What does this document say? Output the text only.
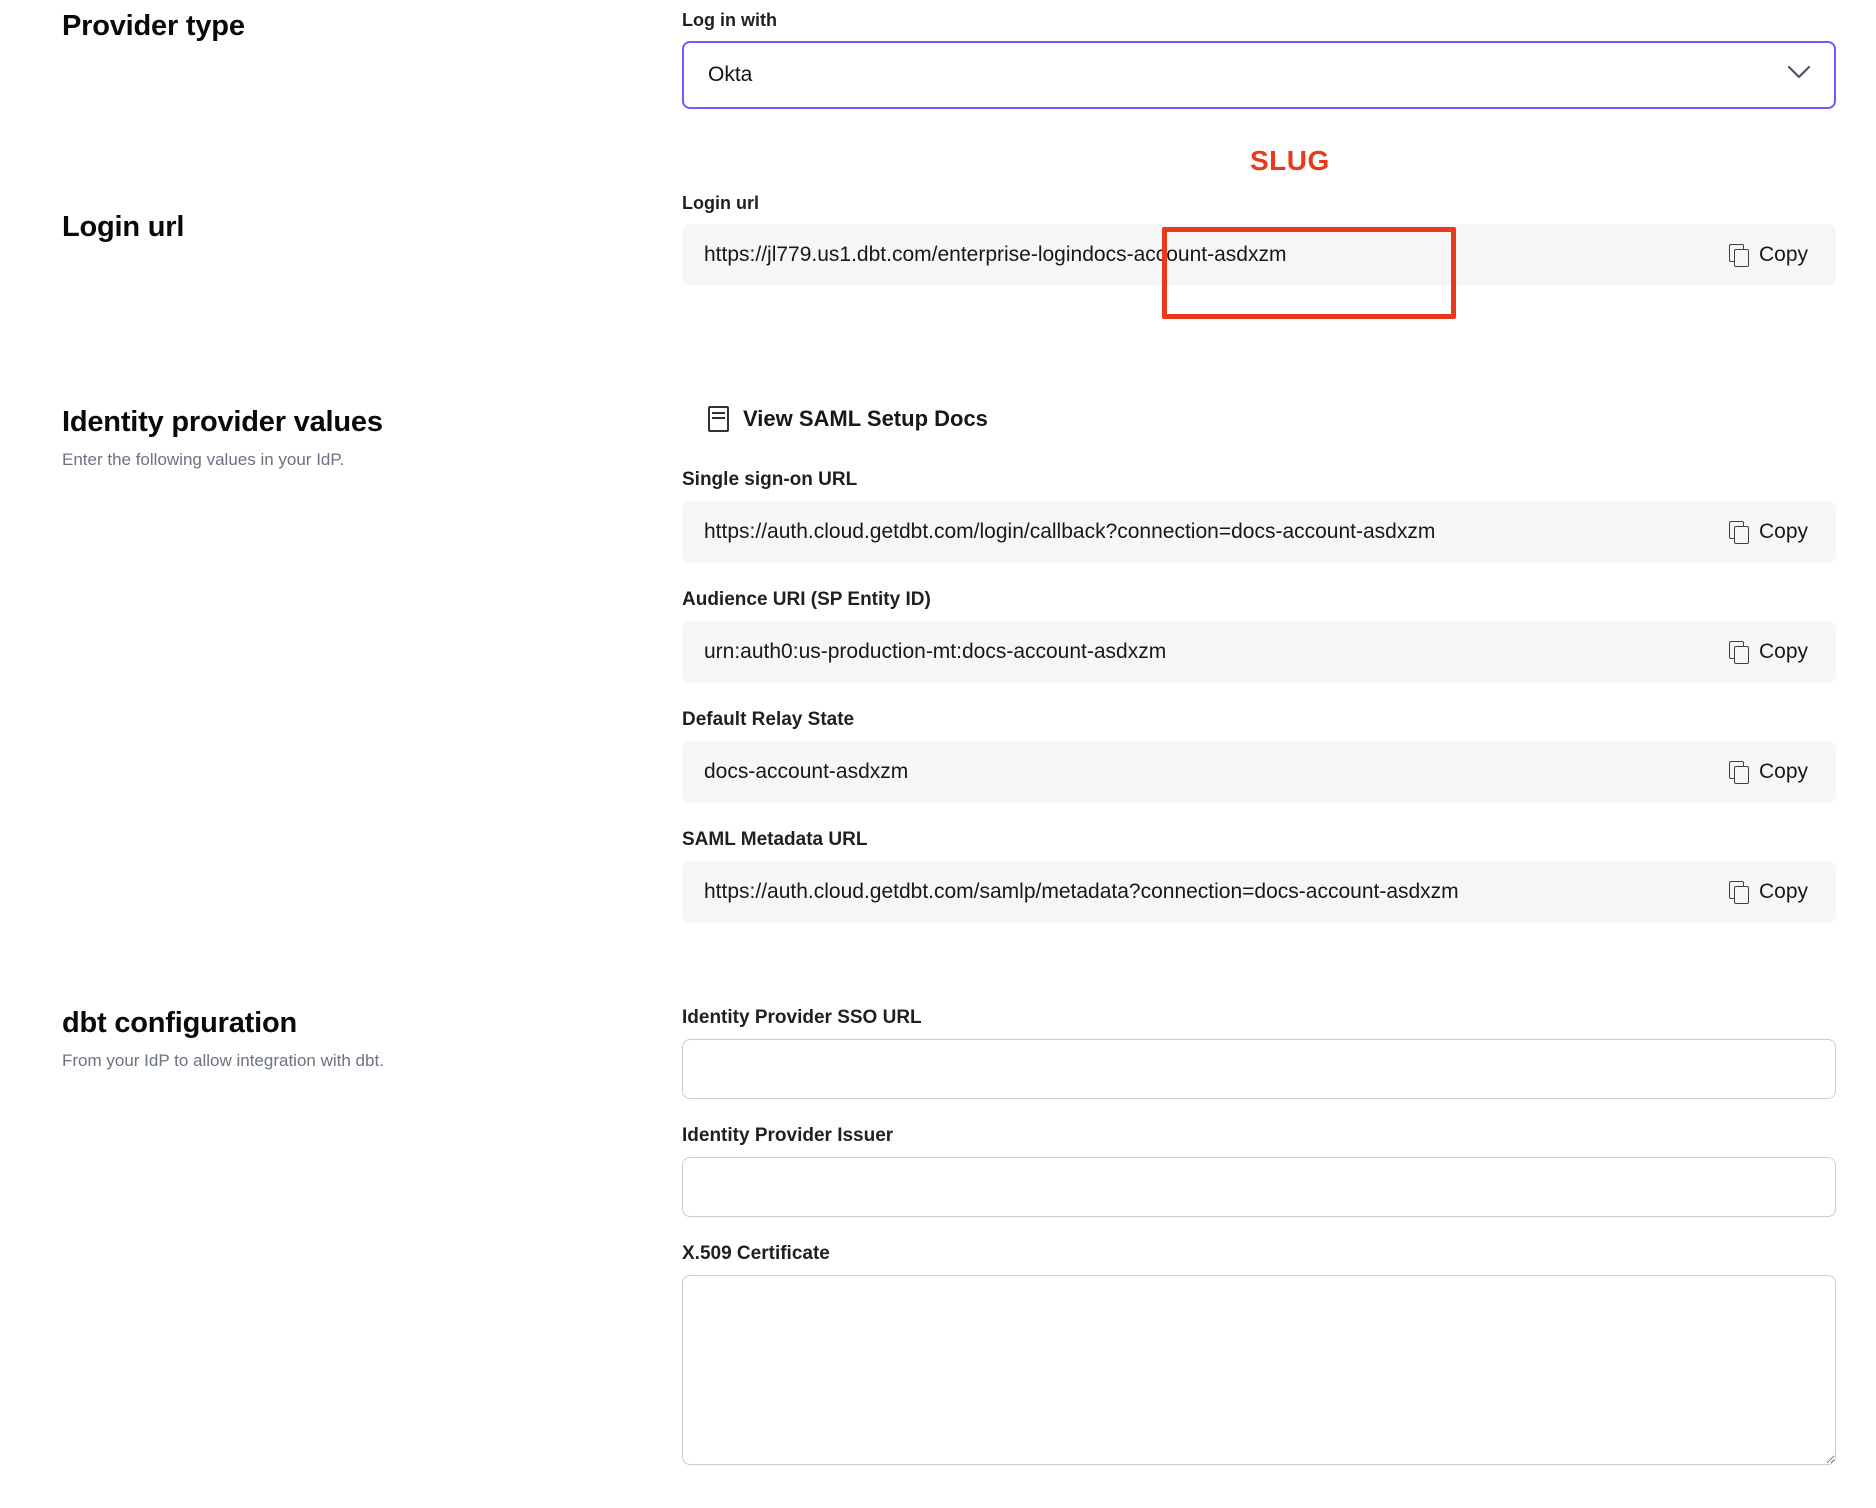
Provider type	Log in with
Okta
Login url
SLUG
Login url
https://jl779.us1.dbt.com/enterprise-logindocs-account-asdxzm	Copy
Identity provider values
Enter the following values in your IdP.
View SAML Setup Docs
Single sign-on URL
https://auth.cloud.getdbt.com/login/callback?connection=docs-account-asdxzm	Copy
Audience URI (SP Entity ID)
urn:auth0:us-production-mt:docs-account-asdxzm	Copy
Default Relay State
docs-account-asdxzm	Copy
SAML Metadata URL
https://auth.cloud.getdbt.com/samlp/metadata?connection=docs-account-asdxzm	Copy
dbt configuration
From your IdP to allow integration with dbt.
Identity Provider SSO URL
Identity Provider Issuer
X.509 Certificate
